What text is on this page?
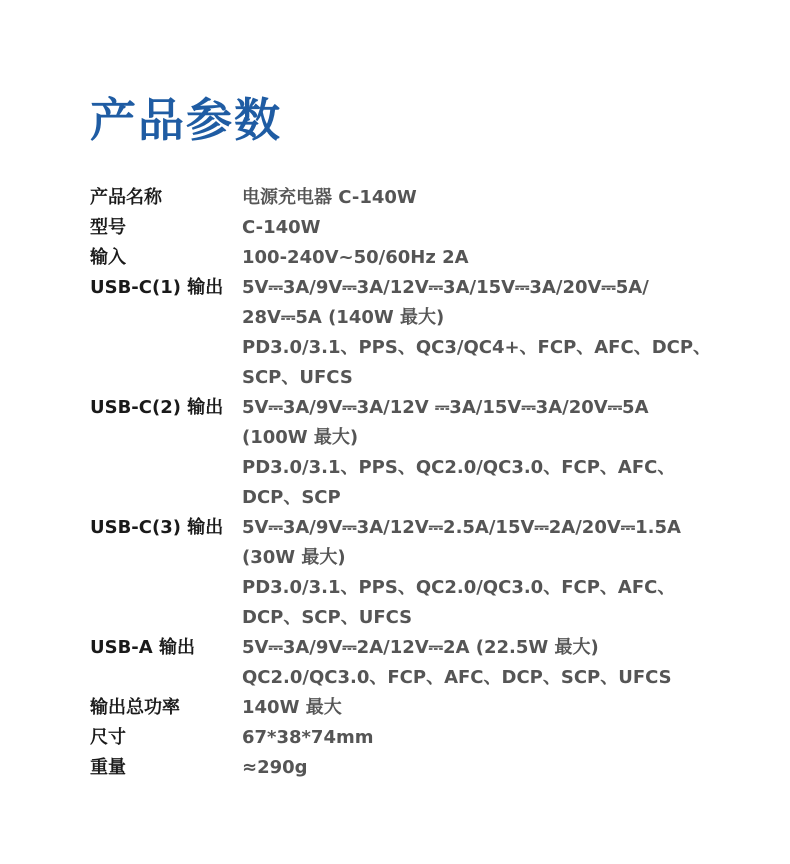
产品参数
产品名称	电源充电器 C-140W
型号	C-140W
输入	100-240V~50/60Hz 2A
USB-C(1) 输出	5V⎓3A/9V⎓3A/12V⎓3A/15V⎓3A/20V⎓5A/
28V⎓5A (140W 最大)
PD3.0/3.1、PPS、QC3/QC4+、FCP、AFC、DCP、
SCP、UFCS
USB-C(2) 输出	5V⎓3A/9V⎓3A/12V ⎓3A/15V⎓3A/20V⎓5A
(100W 最大)
PD3.0/3.1、PPS、QC2.0/QC3.0、FCP、AFC、
DCP、SCP
USB-C(3) 输出	5V⎓3A/9V⎓3A/12V⎓2.5A/15V⎓2A/20V⎓1.5A
(30W 最大)
PD3.0/3.1、PPS、QC2.0/QC3.0、FCP、AFC、
DCP、SCP、UFCS
USB-A 输出	5V⎓3A/9V⎓2A/12V⎓2A (22.5W 最大)
QC2.0/QC3.0、FCP、AFC、DCP、SCP、UFCS
输出总功率	140W 最大
尺寸	67*38*74mm
重量	≈290g
